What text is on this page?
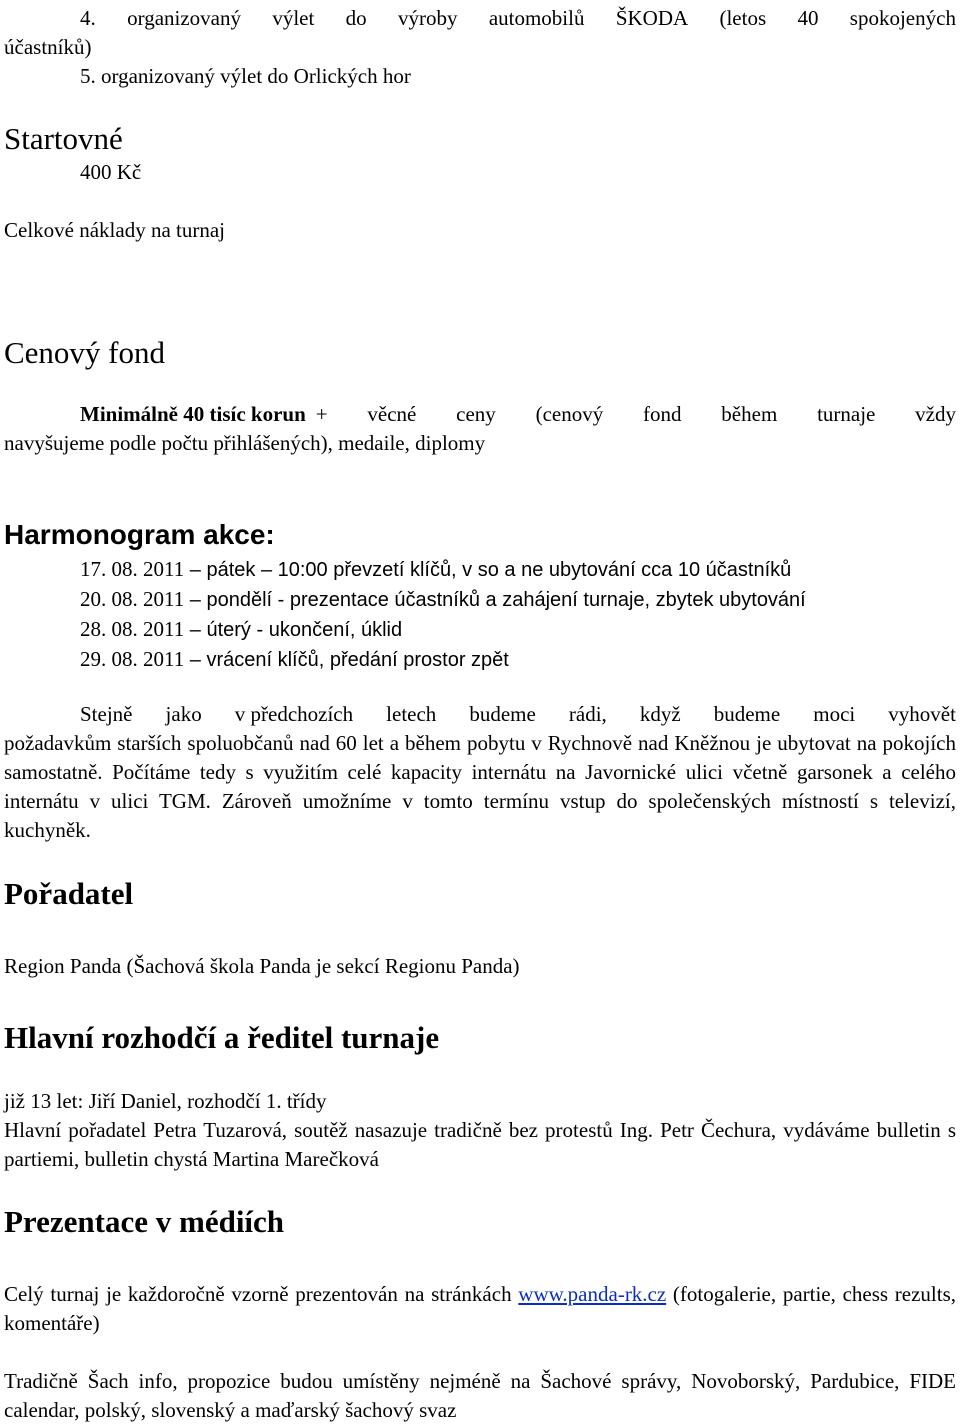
4. organizovaný výlet do výroby automobilů ŠKODA (letos 40 spokojených
účastníků)
5. organizovaný výlet do Orlických hor
Startovné
400 Kč
Celkové náklady na turnaj
Cenový fond
Minimálně 40 tisíc korun + věcné ceny (cenový fond během turnaje vždy
navyšujeme podle počtu přihlášených), medaile, diplomy
Harmonogram akce:
17. 08. 2011 – pátek – 10:00 převzetí klíčů, v so a ne ubytování cca 10 účastníků
20. 08. 2011 – pondělí - prezentace účastníků a zahájení turnaje, zbytek ubytování
28. 08. 2011 – úterý - ukončení, úklid
29. 08. 2011 – vrácení klíčů, předání prostor zpět
Stejně jako v předchozích letech budeme rádi, když budeme moci vyhovět
požadavkům starších spoluobčanů nad 60 let a během pobytu v Rychnově nad Kněžnou je ubytovat na pokojích samostatně. Počítáme tedy s využitím celé kapacity internátu na Javornické ulici včetně garsonek a celého internátu v ulici TGM. Zároveň umožníme v tomto termínu vstup do společenských místností s televizí, kuchyněk.
Pořadatel
Region Panda (Šachová škola Panda je sekcí Regionu Panda)
Hlavní rozhodčí a ředitel turnaje
již 13 let: Jiří Daniel, rozhodčí 1. třídy
Hlavní pořadatel Petra Tuzarová, soutěž nasazuje tradičně bez protestů Ing. Petr Čechura, vydáváme bulletin s partiemi, bulletin chystá Martina Marečková
Prezentace v médiích
Celý turnaj je každoročně vzorně prezentován na stránkách www.panda-rk.cz (fotogalerie, partie, chess rezults, komentáře)
Tradičně Šach info, propozice budou umístěny nejméně na Šachové správy, Novoborský, Pardubice, FIDE calendar, polský, slovenský a maďarský šachový svaz
